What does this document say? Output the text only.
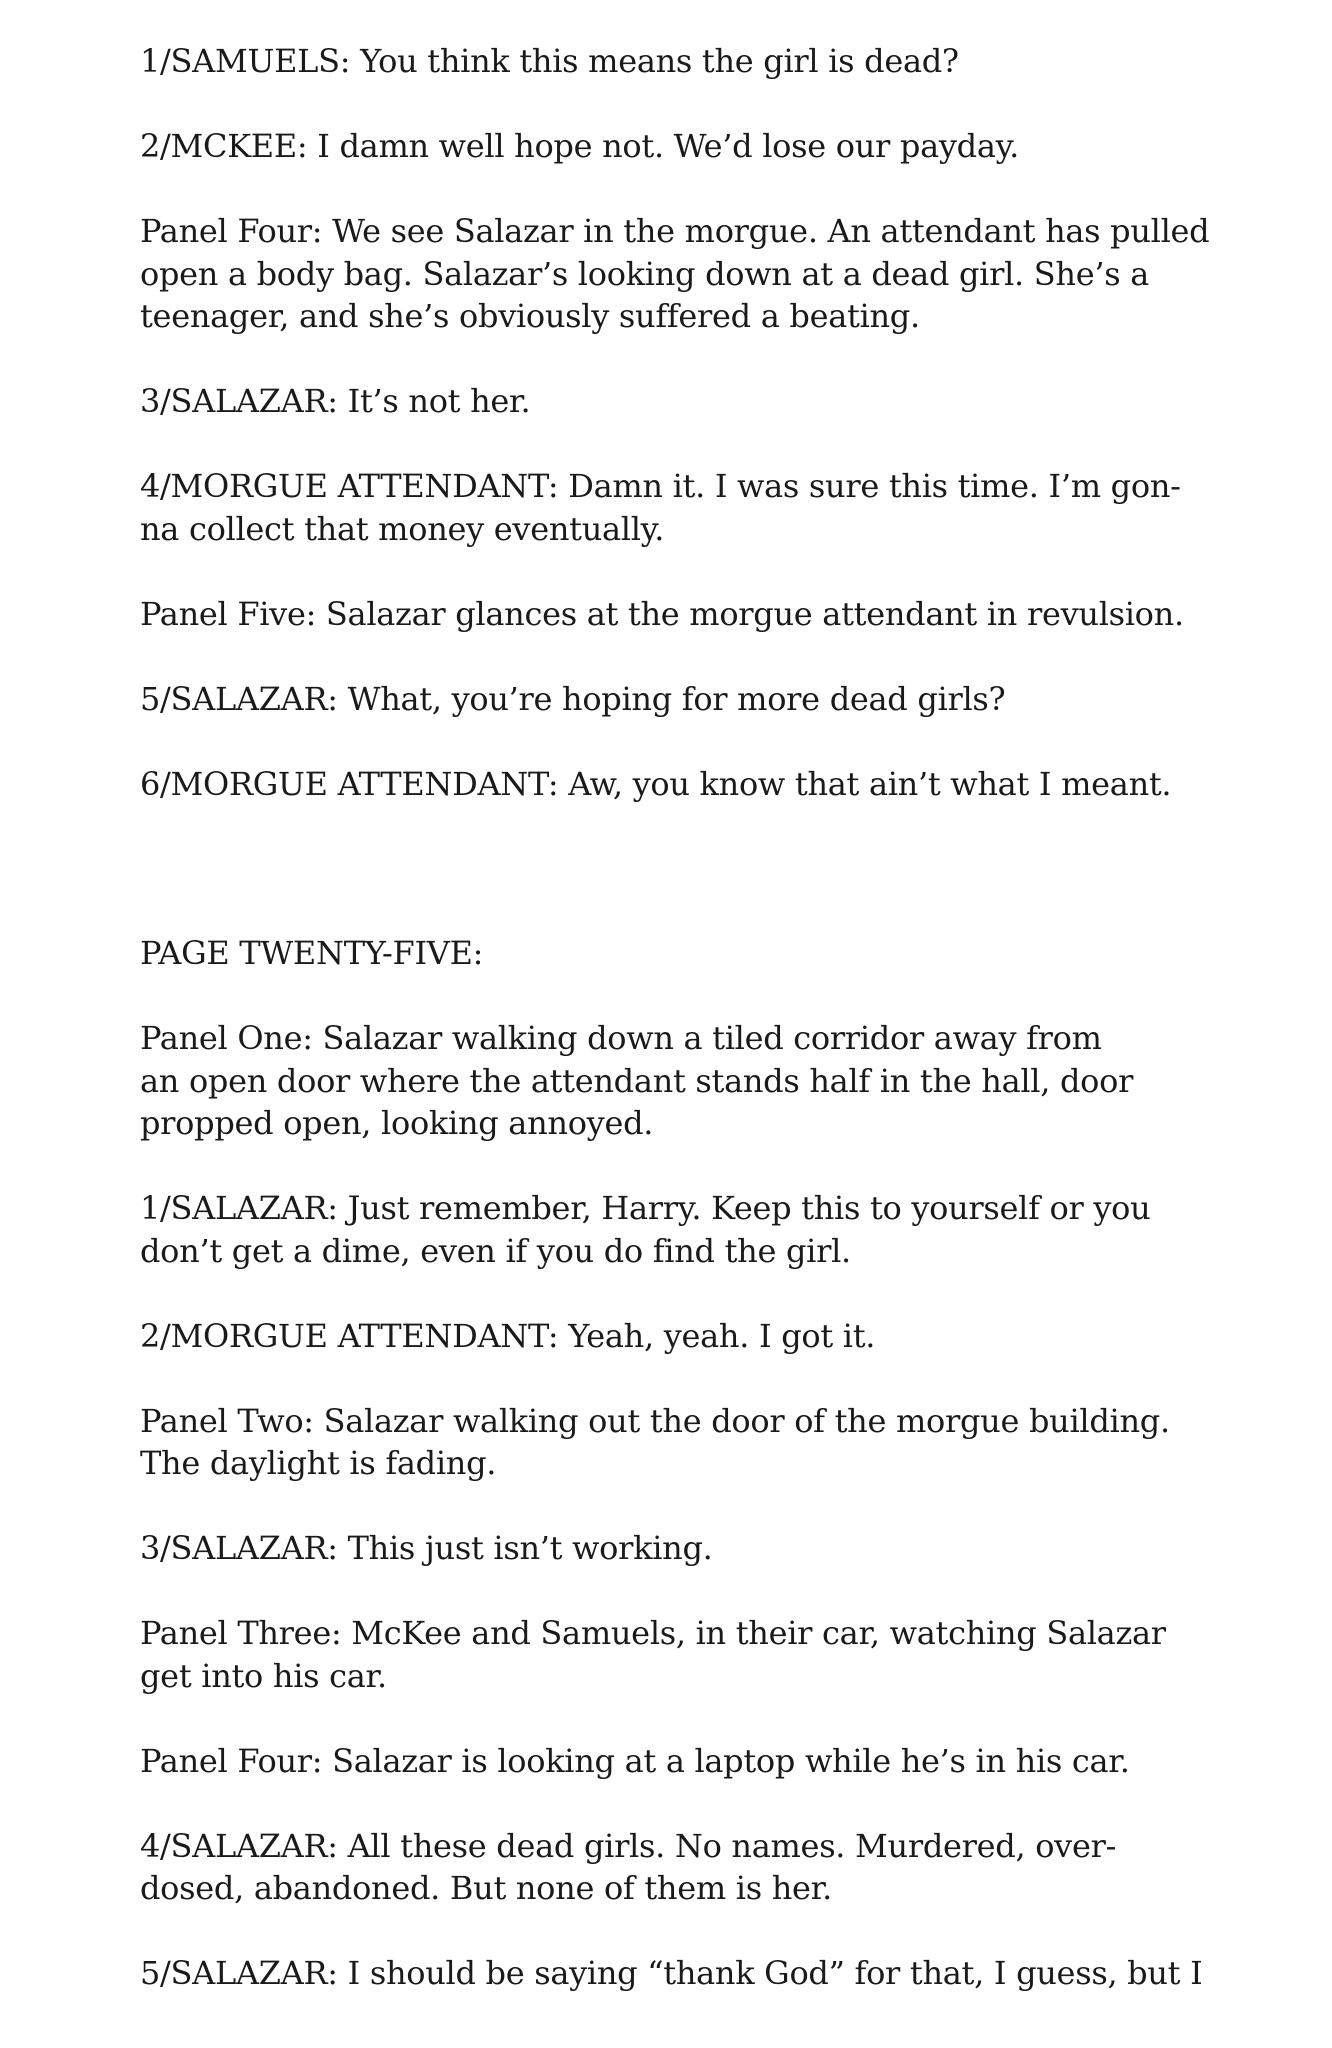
1/SAMUELS: You think this means the girl is dead?

2/MCKEE: I damn well hope not. We’d lose our payday.

Panel Four: We see Salazar in the morgue. An attendant has pulled
open a body bag. Salazar’s looking down at a dead girl. She’s a
teenager, and she’s obviously suffered a beating.

3/SALAZAR: It’s not her.

4/MORGUE ATTENDANT: Damn it. I was sure this time. I’m gon-
na collect that money eventually.

Panel Five: Salazar glances at the morgue attendant in revulsion.

5/SALAZAR: What, you’re hoping for more dead girls?

6/MORGUE ATTENDANT: Aw, you know that ain’t what I meant.

PAGE TWENTY-FIVE:

Panel One: Salazar walking down a tiled corridor away from
an open door where the attendant stands half in the hall, door
propped open, looking annoyed.

1/SALAZAR: Just remember, Harry. Keep this to yourself or you
don’t get a dime, even if you do find the girl.

2/MORGUE ATTENDANT: Yeah, yeah. I got it.

Panel Two: Salazar walking out the door of the morgue building.
The daylight is fading.

3/SALAZAR: This just isn’t working.

Panel Three: McKee and Samuels, in their car, watching Salazar
get into his car.

Panel Four: Salazar is looking at a laptop while he’s in his car.

4/SALAZAR: All these dead girls. No names. Murdered, over-
dosed, abandoned. But none of them is her.

5/SALAZAR: I should be saying “thank God” for that, I guess, but I
